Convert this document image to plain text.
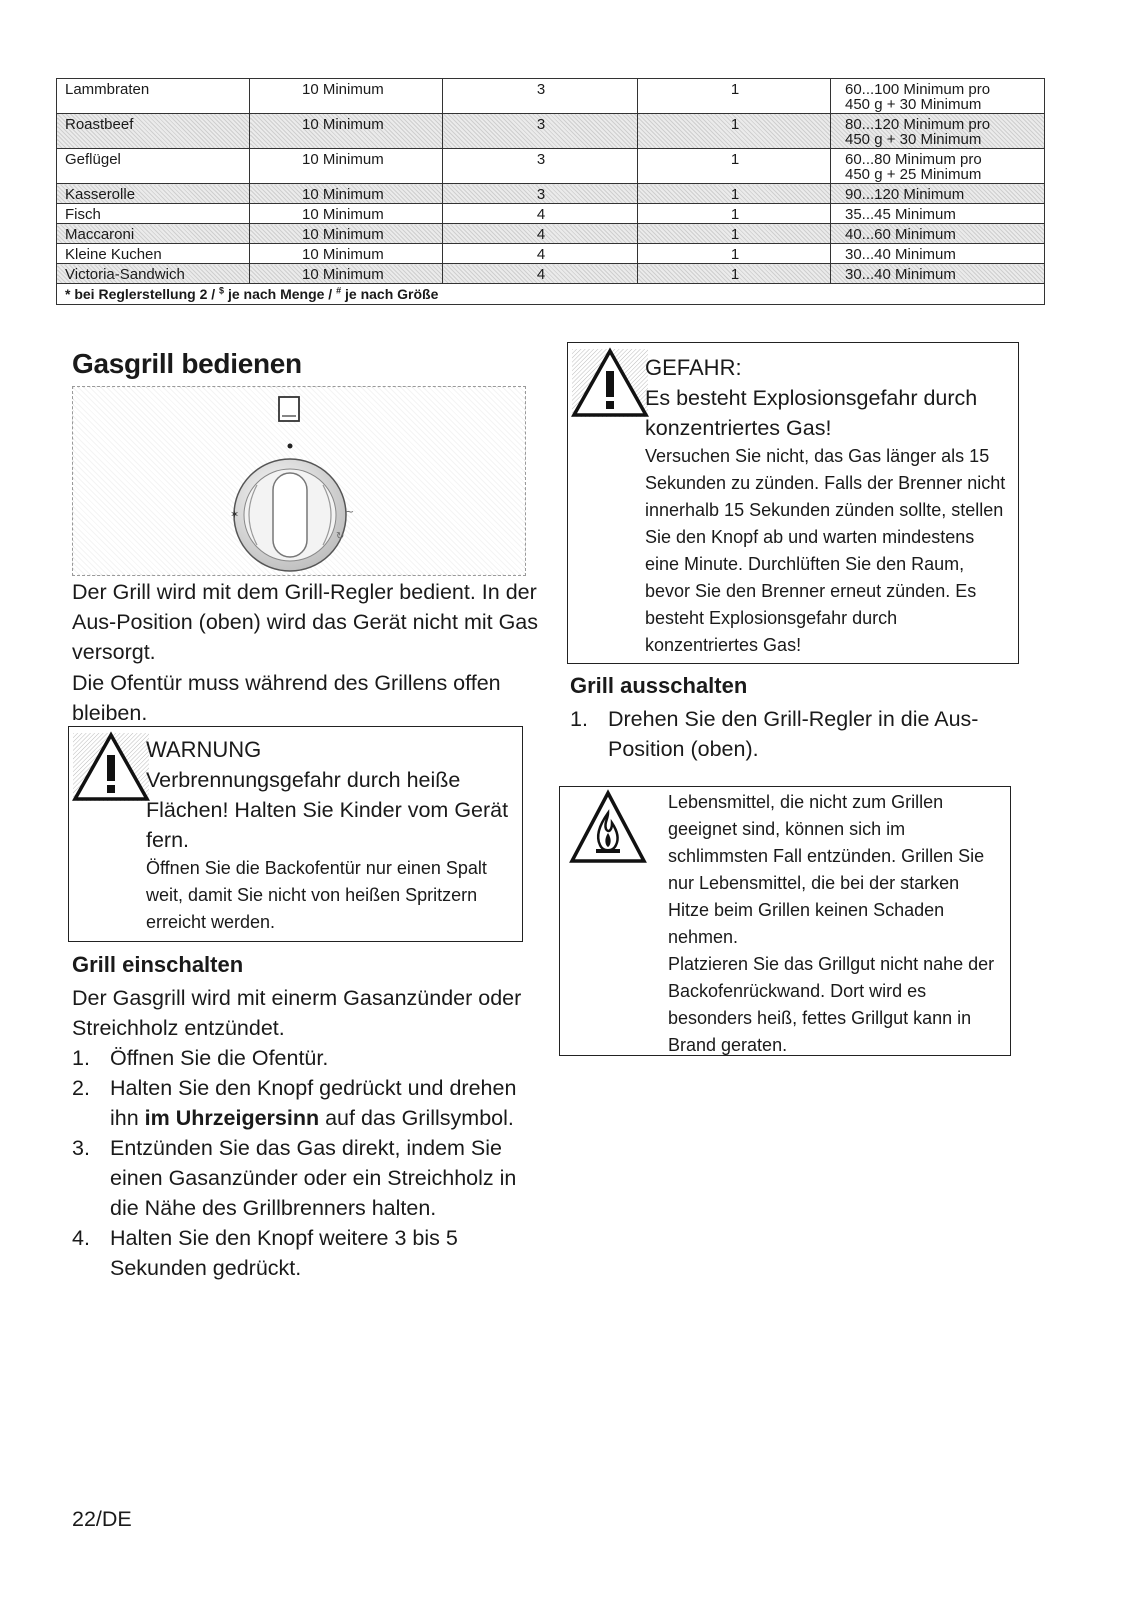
Lammbraten	10 Minimum	3	1	60...100 Minimum pro
450 g + 30 Minimum

Roastbeef	10 Minimum	3	1	80...120 Minimum pro
450 g + 30 Minimum

Geflügel	10 Minimum	3	1	60...80 Minimum pro
450 g + 25 Minimum

Kasserolle	10 Minimum	3	1	90...120 Minimum

Fisch	10 Minimum	4	1	35...45 Minimum

Maccaroni	10 Minimum	4	1	40...60 Minimum

Kleine Kuchen	10 Minimum	4	1	30...40 Minimum

Victoria-Sandwich	10 Minimum	4	1	30...40 Minimum

* bei Reglerstellung 2 / $ je nach Menge / # je nach Größe				
Gasgrill bedienen
✶	~
↻

Der Grill wird mit dem Grill-Regler bedient. In der Aus-Position (oben) wird das Gerät nicht mit Gas versorgt.

Die Ofentür muss während des Grillens offen bleiben.

WARNUNG

Verbrennungsgefahr durch heiße Flächen! Halten Sie Kinder vom Gerät fern.

Öffnen Sie die Backofentür nur einen Spalt weit, damit Sie nicht von heißen Spritzern erreicht werden.

Grill einschalten

Der Gasgrill wird mit einerm Gasanzünder oder Streichholz entzündet.

1. Öffnen Sie die Ofentür.
2. Halten Sie den Knopf gedrückt und drehen ihn im Uhrzeigersinn auf das Grillsymbol.
3. Entzünden Sie das Gas direkt, indem Sie einen Gasanzünder oder ein Streichholz in die Nähe des Grillbrenners halten.
4. Halten Sie den Knopf weitere 3 bis 5 Sekunden gedrückt.
22/DE
GEFAHR:

Es besteht Explosionsgefahr durch konzentriertes Gas!

Versuchen Sie nicht, das Gas länger als 15 Sekunden zu zünden. Falls der Brenner nicht innerhalb 15 Sekunden zünden sollte, stellen Sie den Knopf ab und warten mindestens eine Minute. Durchlüften Sie den Raum, bevor Sie den Brenner erneut zünden. Es besteht Explosionsgefahr durch konzentriertes Gas!

Grill ausschalten
1. Drehen Sie den Grill-Regler in die Aus-Position (oben).

Lebensmittel, die nicht zum Grillen geeignet sind, können sich im schlimmsten Fall entzünden. Grillen Sie nur Lebensmittel, die bei der starken Hitze beim Grillen keinen Schaden nehmen.

Platzieren Sie das Grillgut nicht nahe der Backofenrückwand. Dort wird es besonders heiß, fettes Grillgut kann in Brand geraten.
